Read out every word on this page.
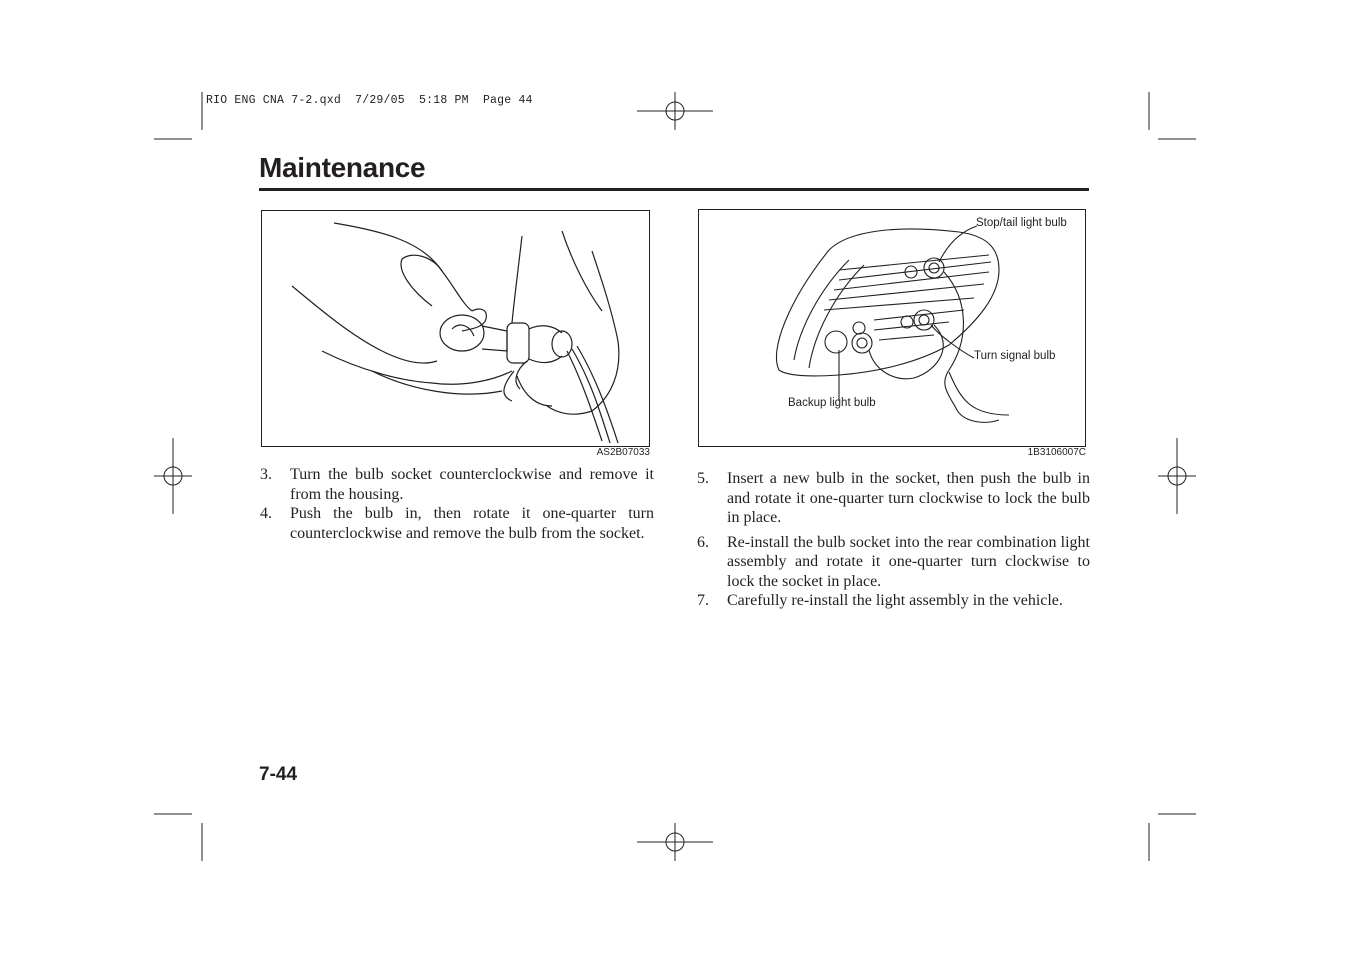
RIO ENG CNA 7-2.qxd  7/29/05  5:18 PM  Page 44
Maintenance
AS2B07033
Stop/tail light bulb
Turn signal bulb
Backup light bulb
1B3106007C
3. Turn the bulb socket counterclockwise and remove it from the housing.
4. Push the bulb in, then rotate it one-quarter turn counterclockwise and remove the bulb from the socket.
5. Insert a new bulb in the socket, then push the bulb in and rotate it one-quarter turn clockwise to lock the bulb in place.
6. Re-install the bulb socket into the rear combination light assembly and rotate it one-quarter turn clockwise to lock the socket in place.
7. Carefully re-install the light assembly in the vehicle.
7-44
